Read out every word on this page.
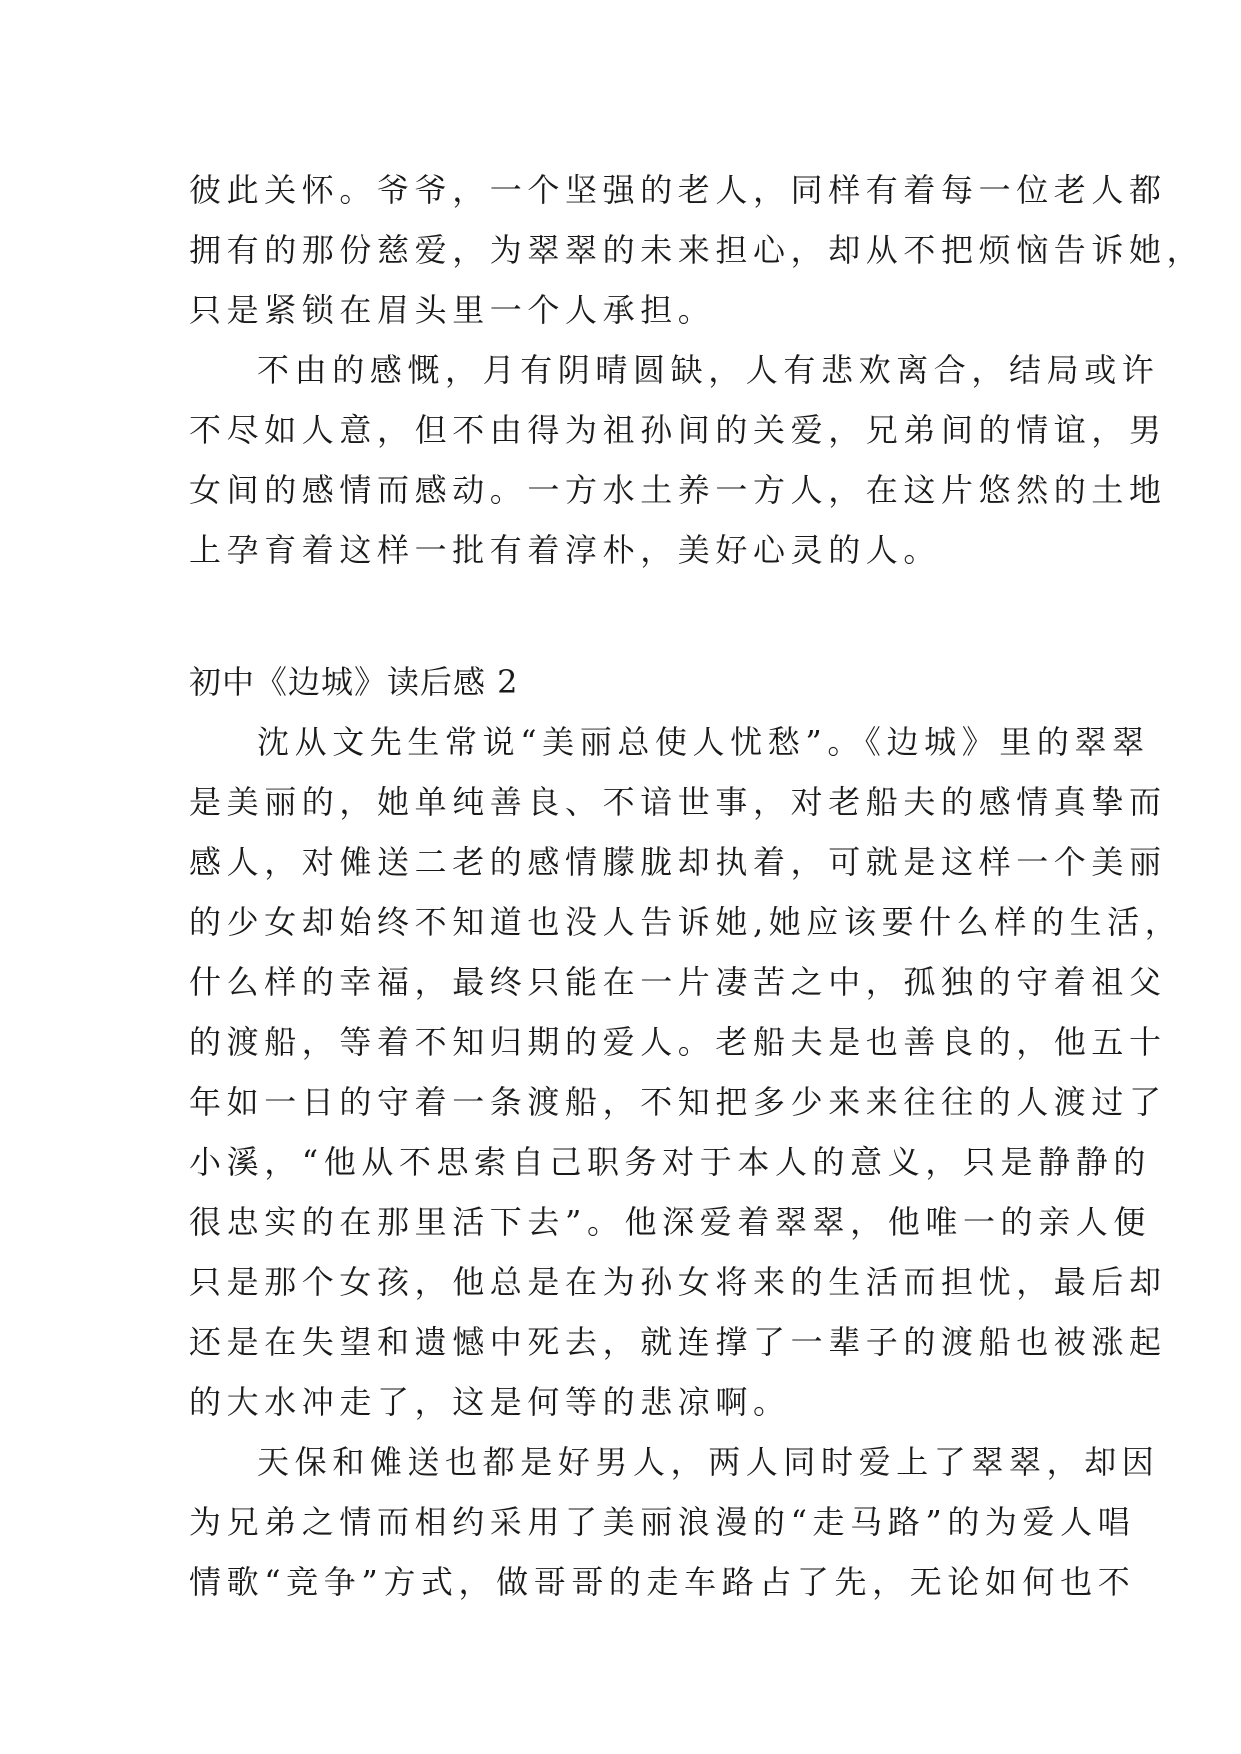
彼此关怀。爷爷，一个坚强的老人，同样有着每一位老人都
拥有的那份慈爱，为翠翠的未来担心，却从不把烦恼告诉她，
只是紧锁在眉头里一个人承担。
不由的感慨，月有阴晴圆缺，人有悲欢离合，结局或许
不尽如人意，但不由得为祖孙间的关爱，兄弟间的情谊，男
女间的感情而感动。一方水土养一方人，在这片悠然的土地
上孕育着这样一批有着淳朴，美好心灵的人。
初中《边城》读后感 2
沈从文先生常说“美丽总使人忧愁”。《边城》里的翠翠
是美丽的，她单纯善良、不谙世事，对老船夫的感情真挚而
感人，对傩送二老的感情朦胧却执着，可就是这样一个美丽
的少女却始终不知道也没人告诉她,她应该要什么样的生活，
什么样的幸福，最终只能在一片凄苦之中，孤独的守着祖父
的渡船，等着不知归期的爱人。老船夫是也善良的，他五十
年如一日的守着一条渡船，不知把多少来来往往的人渡过了
小溪，“他从不思索自己职务对于本人的意义，只是静静的
很忠实的在那里活下去”。他深爱着翠翠，他唯一的亲人便
只是那个女孩，他总是在为孙女将来的生活而担忧，最后却
还是在失望和遗憾中死去，就连撑了一辈子的渡船也被涨起
的大水冲走了，这是何等的悲凉啊。
天保和傩送也都是好男人，两人同时爱上了翠翠，却因
为兄弟之情而相约采用了美丽浪漫的“走马路”的为爱人唱
情歌“竞争”方式，做哥哥的走车路占了先，无论如何也不
